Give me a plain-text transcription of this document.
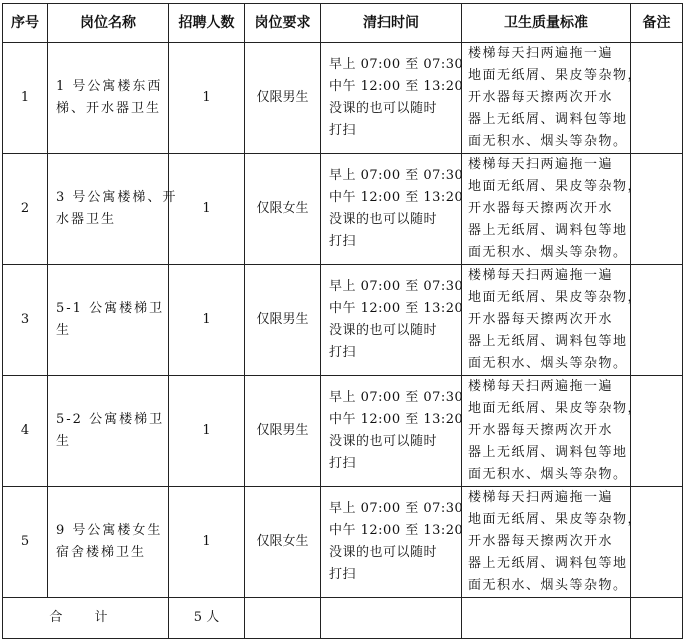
序号	岗位名称	招聘人数	岗位要求	清扫时间	卫生质量标准	备注
1	1 号公寓楼东西
梯、开水器卫生	1	仅限男生	早上 07:00 至 07:30
中午 12:00 至 13:20
没课的也可以随时
打扫	楼梯每天扫两遍拖一遍
地面无纸屑、果皮等杂物，
开水器每天擦两次开水
器上无纸屑、调料包等地
面无积水、烟头等杂物。	

2	3 号公寓楼梯、开
水器卫生	1	仅限女生	早上 07:00 至 07:30
中午 12:00 至 13:20
没课的也可以随时
打扫	楼梯每天扫两遍拖一遍
地面无纸屑、果皮等杂物，
开水器每天擦两次开水
器上无纸屑、调料包等地
面无积水、烟头等杂物。	

3	5-1 公寓楼梯卫
生	1	仅限男生	早上 07:00 至 07:30
中午 12:00 至 13:20
没课的也可以随时
打扫	楼梯每天扫两遍拖一遍
地面无纸屑、果皮等杂物，
开水器每天擦两次开水
器上无纸屑、调料包等地
面无积水、烟头等杂物。	

4	5-2 公寓楼梯卫
生	1	仅限男生	早上 07:00 至 07:30
中午 12:00 至 13:20
没课的也可以随时
打扫	楼梯每天扫两遍拖一遍
地面无纸屑、果皮等杂物，
开水器每天擦两次开水
器上无纸屑、调料包等地
面无积水、烟头等杂物。	

5	9 号公寓楼女生
宿舍楼梯卫生	1	仅限女生	早上 07:00 至 07:30
中午 12:00 至 13:20
没课的也可以随时
打扫	楼梯每天扫两遍拖一遍
地面无纸屑、果皮等杂物，
开水器每天擦两次开水
器上无纸屑、调料包等地
面无积水、烟头等杂物。	

合 计		5 人				
